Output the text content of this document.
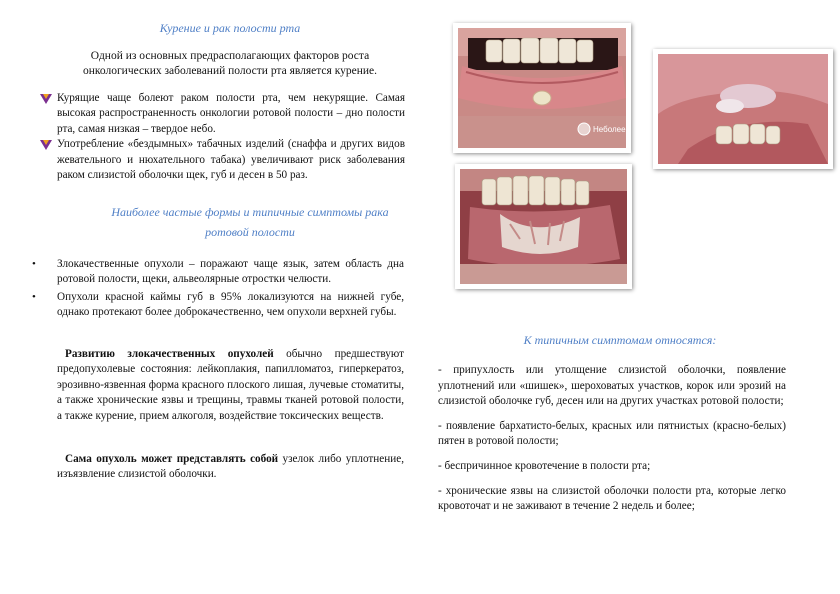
Курение и рак полости рта
Одной из основных предрасполагающих факторов роста онкологических заболеваний полости рта является курение.
Курящие чаще болеют раком полости рта, чем некурящие. Самая высокая распространенность онкологии ротовой полости – дно полости рта, самая низкая – твердое небо.
Употребление «бездымных» табачных изделий (снаффа и других видов жевательного и нюхательного табака) увеличивают риск заболевания раком слизистой оболочки щек, губ и десен в 50 раз.
Наиболее частые формы и типичные симптомы рака ротовой полости
• Злокачественные опухоли – поражают чаще язык, затем область дна ротовой полости, щеки, альвеолярные отростки челюсти.
• Опухоли красной каймы губ в 95% локализуются на нижней губе, однако протекают более доброкачественно, чем опухоли верхней губы.
Развитию злокачественных опухолей обычно предшествуют предопухолевые состояния: лейкоплакия, папилломатоз, гиперкератоз, эрозивно-язвенная форма красного плоского лишая, лучевые стоматиты, а также хронические язвы и трещины, травмы тканей ротовой полости, а также курение, прием алкоголя, воздействие токсических веществ.
Сама опухоль может представлять собой узелок либо уплотнение, изъязвление слизистой оболочки.
Неболеем
К типичным симптомам относятся:

- припухлость или утолщение слизистой оболочки, появление уплотнений или «шишек», шероховатых участков, корок или эрозий на слизистой оболочке губ, десен или на других участках ротовой полости;

- появление бархатисто-белых, красных или пятнистых (красно-белых) пятен в ротовой полости;

- беспричинное кровотечение в полости рта;

- хронические язвы на слизистой оболочки полости рта, которые легко кровоточат и не заживают в течение 2 недель и более;
